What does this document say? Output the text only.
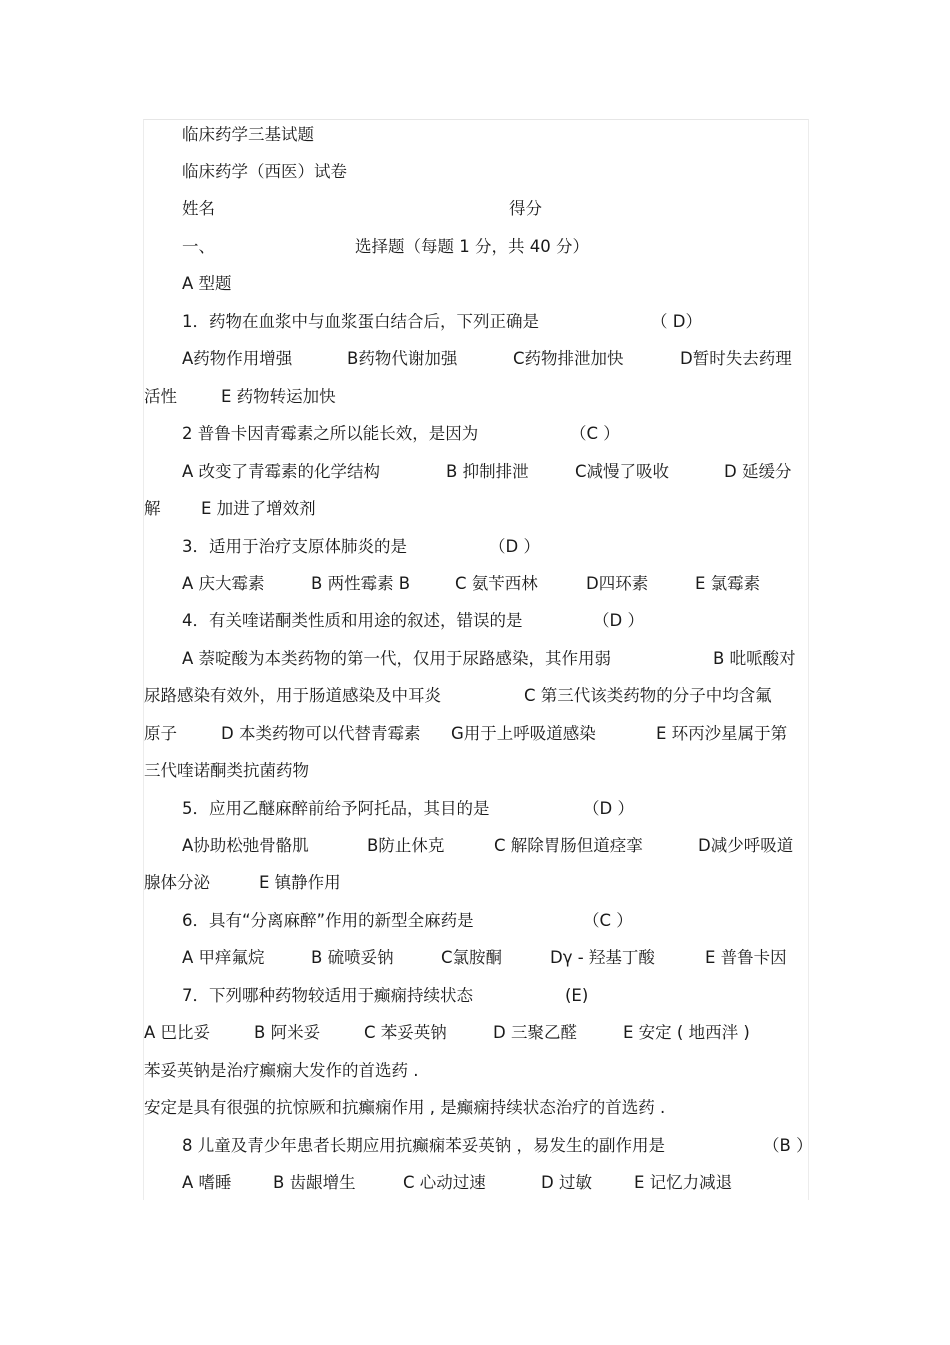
临床药学三基试题
临床药学（西医）试卷
姓名	得分
一、	选择题（每题 1 分，共 40 分）
A 型题
1．药物在血浆中与血浆蛋白结合后，下列正确是	（ D）
A药物作用增强	B药物代谢加强	C药物排泄加快	D暂时失去药理
活性	E 药物转运加快
2 普鲁卡因青霉素之所以能长效，是因为	（C ）
A 改变了青霉素的化学结构	B 抑制排泄	C减慢了吸收	D 延缓分
解 E 加进了增效剂
3．适用于治疗支原体肺炎的是	（D ）
A 庆大霉素	B 两性霉素 B	C 氨苄西林	D四环素	E 氯霉素
4．有关喹诺酮类性质和用途的叙述，错误的是	（D ）
A 萘啶酸为本类药物的第一代，仅用于尿路感染，其作用弱	B 吡哌酸对
尿路感染有效外，用于肠道感染及中耳炎	C 第三代该类药物的分子中均含氟
原子	D 本类药物可以代替青霉素 G用于上呼吸道感染	E 环丙沙星属于第
三代喹诺酮类抗菌药物
5．应用乙醚麻醉前给予阿托品，其目的是	（D ）
A协助松弛骨骼肌	B防止休克	C 解除胃肠但道痉挛	D减少呼吸道
腺体分泌	E 镇静作用
6．具有“分离麻醉”作用的新型全麻药是	（C ）
A 甲痒氟烷	B 硫喷妥钠	C氯胺酮	Dγ - 羟基丁酸	E 普鲁卡因
7．下列哪种药物较适用于癫痫持续状态	(E)
A 巴比妥	B 阿米妥	C 苯妥英钠	D 三聚乙醛	E 安定 ( 地西泮 )
苯妥英钠是治疗癫痫大发作的首选药 .
安定是具有很强的抗惊厥和抗癫痫作用 , 是癫痫持续状态治疗的首选药 .
8 儿童及青少年患者长期应用抗癫痫苯妥英钠 ，易发生的副作用是	（B ）
A 嗜睡	B 齿龈增生	C 心动过速	D 过敏	E 记忆力减退
